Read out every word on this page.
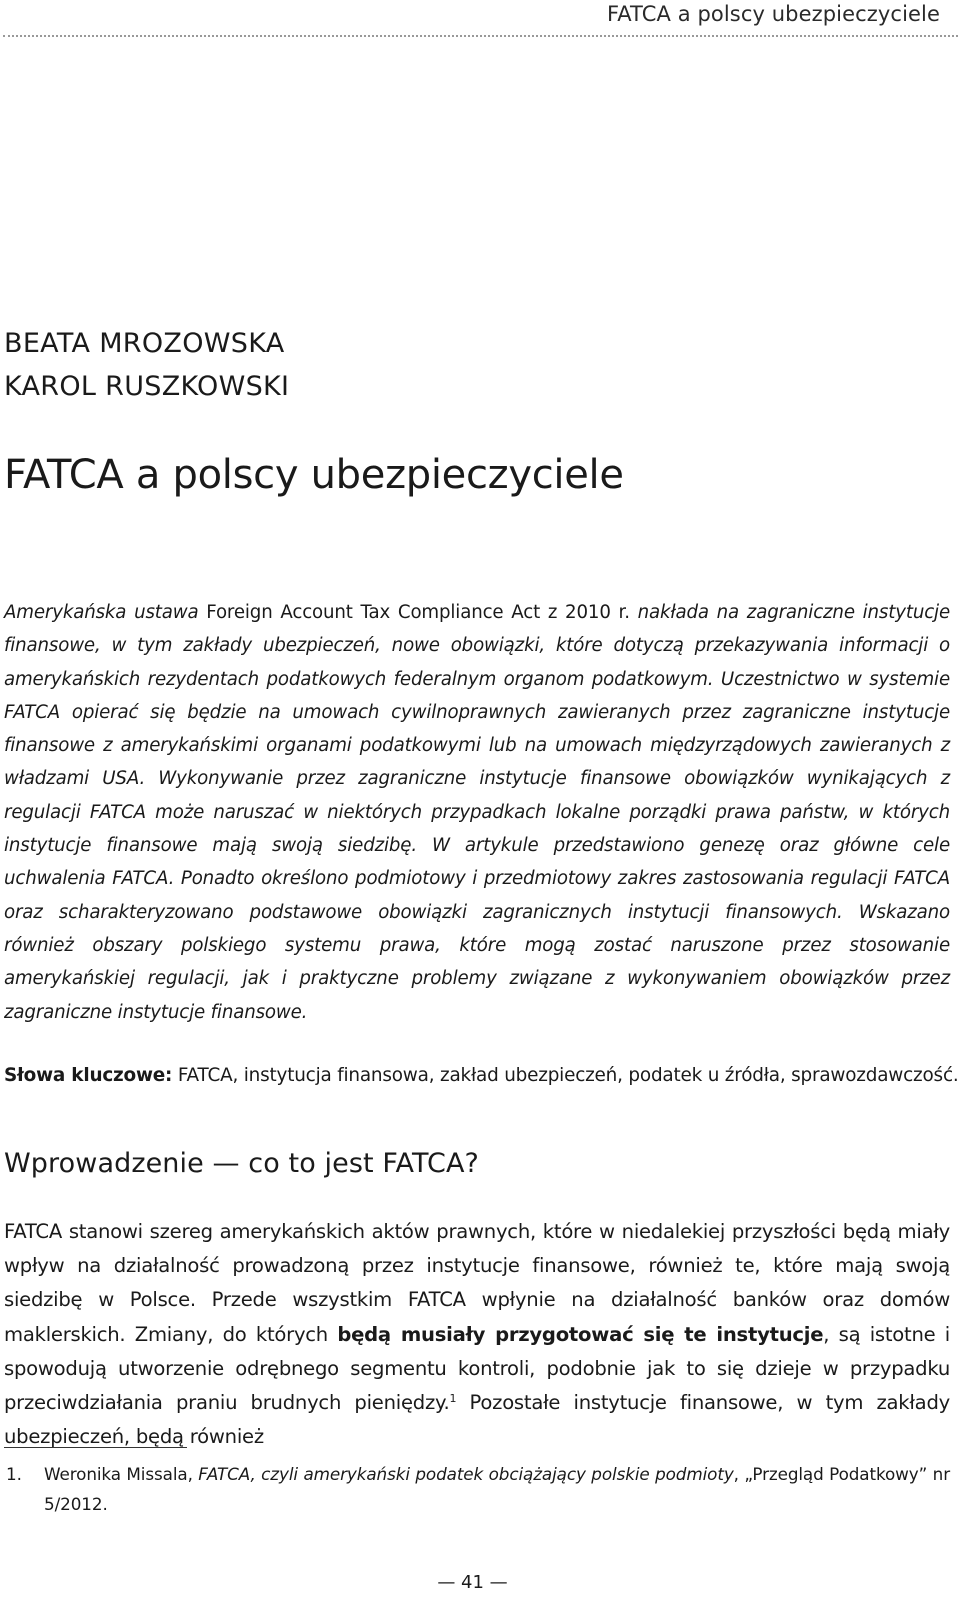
FATCA a polscy ubezpieczyciele
BEATA MROZOWSKA
KAROL RUSZKOWSKI
FATCA a polscy ubezpieczyciele

Amerykańska ustawa Foreign Account Tax Compliance Act z 2010 r. nakłada na zagraniczne instytucje finansowe, w tym zakłady ubezpieczeń, nowe obowiązki, które dotyczą przekazywania informacji o amerykańskich rezydentach podatkowych federalnym organom podatkowym. Uczestnictwo w systemie FATCA opierać się będzie na umowach cywilnoprawnych zawieranych przez zagraniczne instytucje finansowe z amerykańskimi organami podatkowymi lub na umowach międzyrządowych zawieranych z władzami USA. Wykonywanie przez zagraniczne instytucje finansowe obowiązków wynikających z regulacji FATCA może naruszać w niektórych przypadkach lokalne porządki prawa państw, w których instytucje finansowe mają swoją siedzibę. W artykule przedstawiono genezę oraz główne cele uchwalenia FATCA. Ponadto określono podmiotowy i przedmiotowy zakres zastosowania regulacji FATCA oraz scharakteryzowano podstawowe obowiązki zagranicznych instytucji finansowych. Wskazano również obszary polskiego systemu prawa, które mogą zostać naruszone przez stosowanie amerykańskiej regulacji, jak i praktyczne problemy związane z wykonywaniem obowiązków przez zagraniczne instytucje finansowe.

Słowa kluczowe: FATCA, instytucja finansowa, zakład ubezpieczeń, podatek u źródła, sprawozdawczość.

Wprowadzenie — co to jest FATCA?

FATCA stanowi szereg amerykańskich aktów prawnych, które w niedalekiej przyszłości będą miały wpływ na działalność prowadzoną przez instytucje finansowe, również te, które mają swoją siedzibę w Polsce. Przede wszystkim FATCA wpłynie na działalność banków oraz domów maklerskich. Zmiany, do których będą musiały przygotować się te instytucje, są istotne i spowodują utworzenie odrębnego segmentu kontroli, podobnie jak to się dzieje w przypadku przeciwdziałania praniu brudnych pieniędzy.$^1$ Pozostałe instytucje finansowe, w tym zakłady ubezpieczeń, będą również

1. Weronika Missala, FATCA, czyli amerykański podatek obciążający polskie podmioty, „Przegląd Podatkowy” nr 5/2012.
— 41 —
